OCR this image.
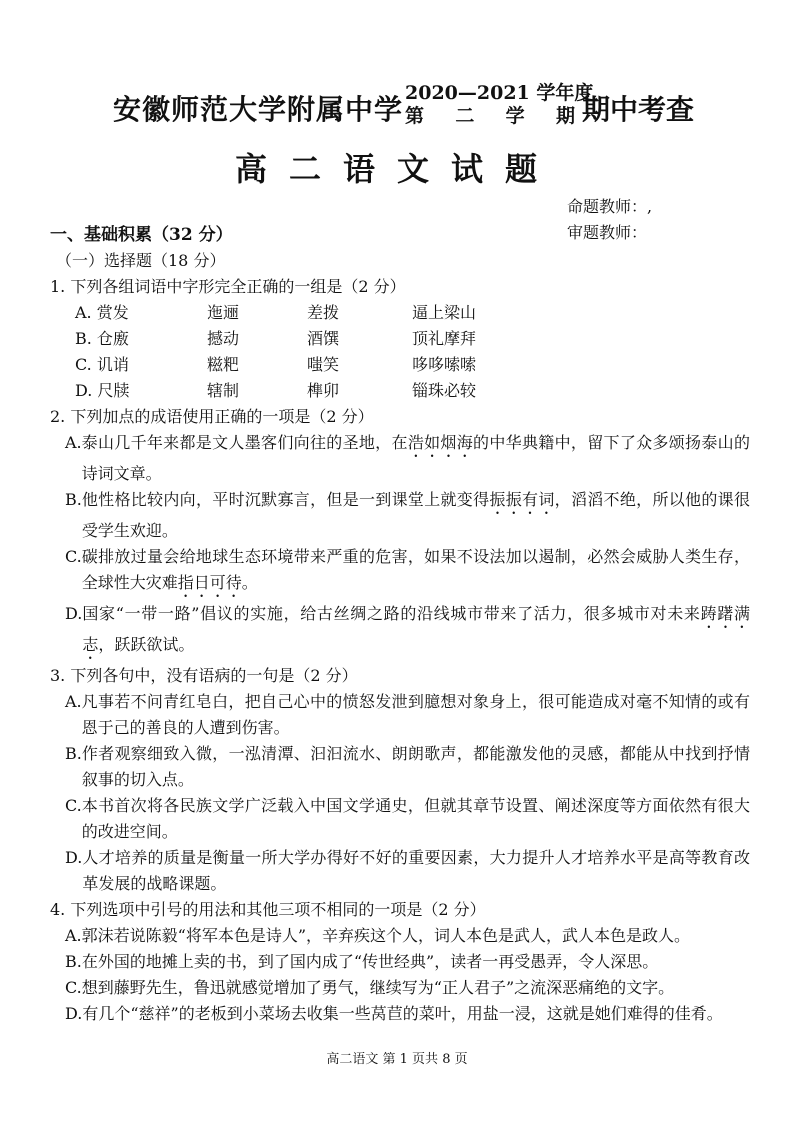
安徽师范大学附属中学 2020—2021 学年度
第 二 学 期 期中考查
高二语文试题
命题教师：,
审题教师：
一、基础积累（32 分）
（一）选择题（18 分）
1. 下列各组词语中字形完全正确的一组是（2 分）
A. 赏发	迤逦	差拨	逼上梁山
B. 仓廒	撼动	酒馔	顶礼摩拜
C. 讥诮	糍粑	嗤笑	哆哆嗦嗦
D. 尺牍	辖制	榫卯	锱珠必较
2. 下列加点的成语使用正确的一项是（2 分）
A. 泰山几千年来都是文人墨客们向往的圣地，在浩如烟海的中华典籍中，留下了众多颂扬泰山的诗词文章。
B. 他性格比较内向，平时沉默寡言，但是一到课堂上就变得振振有词，滔滔不绝，所以他的课很受学生欢迎。
C. 碳排放过量会给地球生态环境带来严重的危害，如果不设法加以遏制，必然会威胁人类生存，全球性大灾难指日可待。
D. 国家“一带一路”倡议的实施，给古丝绸之路的沿线城市带来了活力，很多城市对未来踌躇满志，跃跃欲试。
3. 下列各句中，没有语病的一句是（2 分）
A. 凡事若不问青红皂白，把自己心中的愤怒发泄到臆想对象身上，很可能造成对毫不知情的或有恩于己的善良的人遭到伤害。
B. 作者观察细致入微，一泓清潭、汩汩流水、朗朗歌声，都能激发他的灵感，都能从中找到抒情叙事的切入点。
C. 本书首次将各民族文学广泛载入中国文学通史，但就其章节设置、阐述深度等方面依然有很大的改进空间。
D. 人才培养的质量是衡量一所大学办得好不好的重要因素，大力提升人才培养水平是高等教育改革发展的战略课题。
4. 下列选项中引号的用法和其他三项不相同的一项是（2 分）
A. 郭沫若说陈毅“将军本色是诗人”，辛弃疾这个人，词人本色是武人，武人本色是政人。
B. 在外国的地摊上卖的书，到了国内成了“传世经典”，读者一再受愚弄，令人深思。
C. 想到藤野先生，鲁迅就感觉增加了勇气，继续写为“正人君子”之流深恶痛绝的文字。
D. 有几个“慈祥”的老板到小菜场去收集一些莴苣的菜叶，用盐一浸，这就是她们难得的佳肴。
高二语文 第 1 页共 8 页
